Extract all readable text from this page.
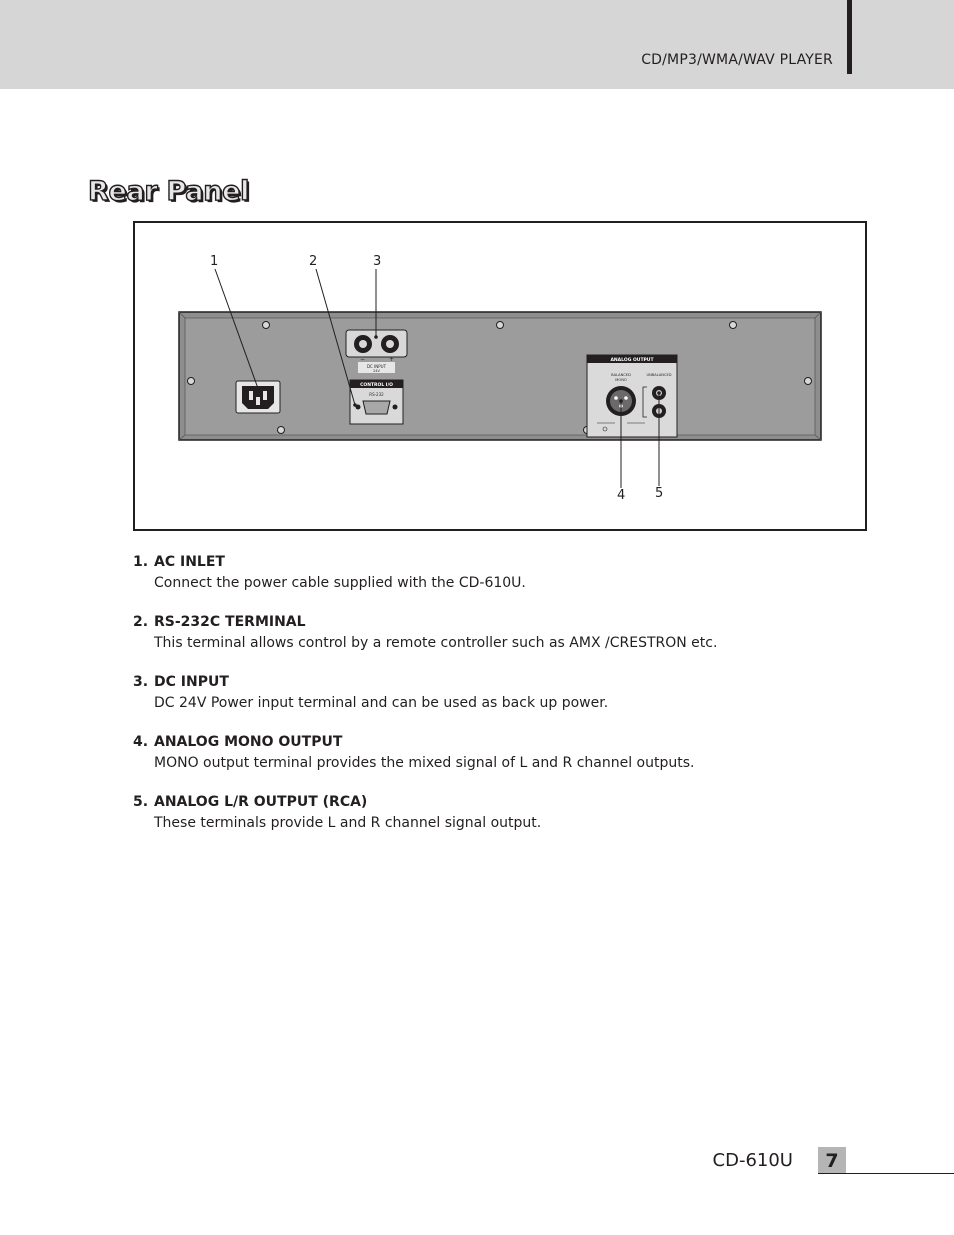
CD/MP3/WMA/WAV PLAYER
Rear Panel
DC INPUT
24V
−	+
CONTROL I/O
RS-232
ANALOG OUTPUT
BALANCED
MONO
UNBALANCED
1	2	3
4 5
1. AC INLET
Connect the power cable supplied with the CD-610U.
2. RS-232C TERMINAL
This terminal allows control by a remote controller such as AMX /CRESTRON etc.
3. DC INPUT
DC 24V Power input terminal and can be used as back up power.
4. ANALOG MONO OUTPUT
MONO output terminal provides the mixed signal of L and R channel outputs.
5. ANALOG L/R OUTPUT (RCA)
These terminals provide L and R channel signal output.
CD-610U	7
